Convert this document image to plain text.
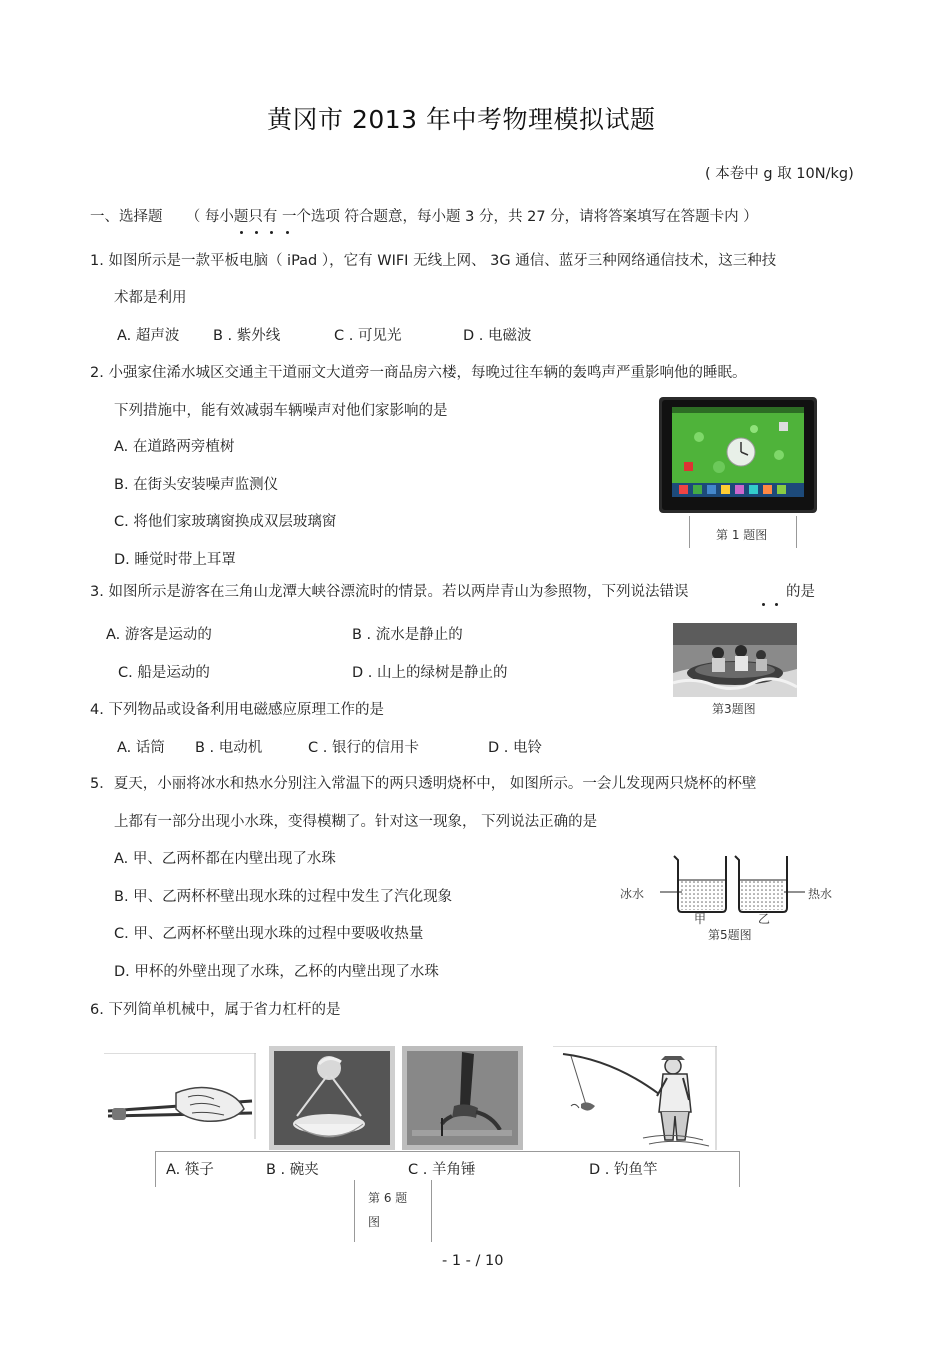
黄冈市 2013 年中考物理模拟试题
( 本卷中 g 取 10N/kg)
一、选择题 （ 每小题只有 一个选项 符合题意，每小题 3 分，共 27 分，请将答案填写在答题卡内 ）
1. 如图所示是一款平板电脑（ iPad ），它有 WIFI 无线上网、 3G 通信、蓝牙三种网络通信技术，这三种技
术都是利用
A. 超声波 B . 紫外线	C . 可见光	D . 电磁波
2. 小强家住浠水城区交通主干道丽文大道旁一商品房六楼，每晚过往车辆的轰鸣声严重影响他的睡眠。
下列措施中，能有效减弱车辆噪声对他们家影响的是
A. 在道路两旁植树
B. 在街头安装噪声监测仪
C. 将他们家玻璃窗换成双层玻璃窗
D. 睡觉时带上耳罩
第 1 题图
3. 如图所示是游客在三角山龙潭大峡谷漂流时的情景。若以两岸青山为参照物，下列说法错误	的是
A. 游客是运动的	B . 流水是静止的
C. 船是运动的	D . 山上的绿树是静止的
第3题图
4. 下列物品或设备利用电磁感应原理工作的是
A. 话筒 B . 电动机	C . 银行的信用卡	D . 电铃
5．夏天，小丽将冰水和热水分别注入常温下的两只透明烧杯中， 如图所示。一会儿发现两只烧杯的杯壁
上都有一部分出现小水珠，变得模糊了。针对这一现象， 下列说法正确的是
A. 甲、乙两杯都在内壁出现了水珠
B. 甲、乙两杯杯壁出现水珠的过程中发生了汽化现象
C. 甲、乙两杯杯壁出现水珠的过程中要吸收热量
D. 甲杯的外壁出现了水珠，乙杯的内壁出现了水珠
冰水	热水
甲	乙
第5题图
6. 下列简单机械中，属于省力杠杆的是
A. 筷子	B . 碗夹	C . 羊角锤	D . 钓鱼竿
第 6 题
图
- 1 - / 10
